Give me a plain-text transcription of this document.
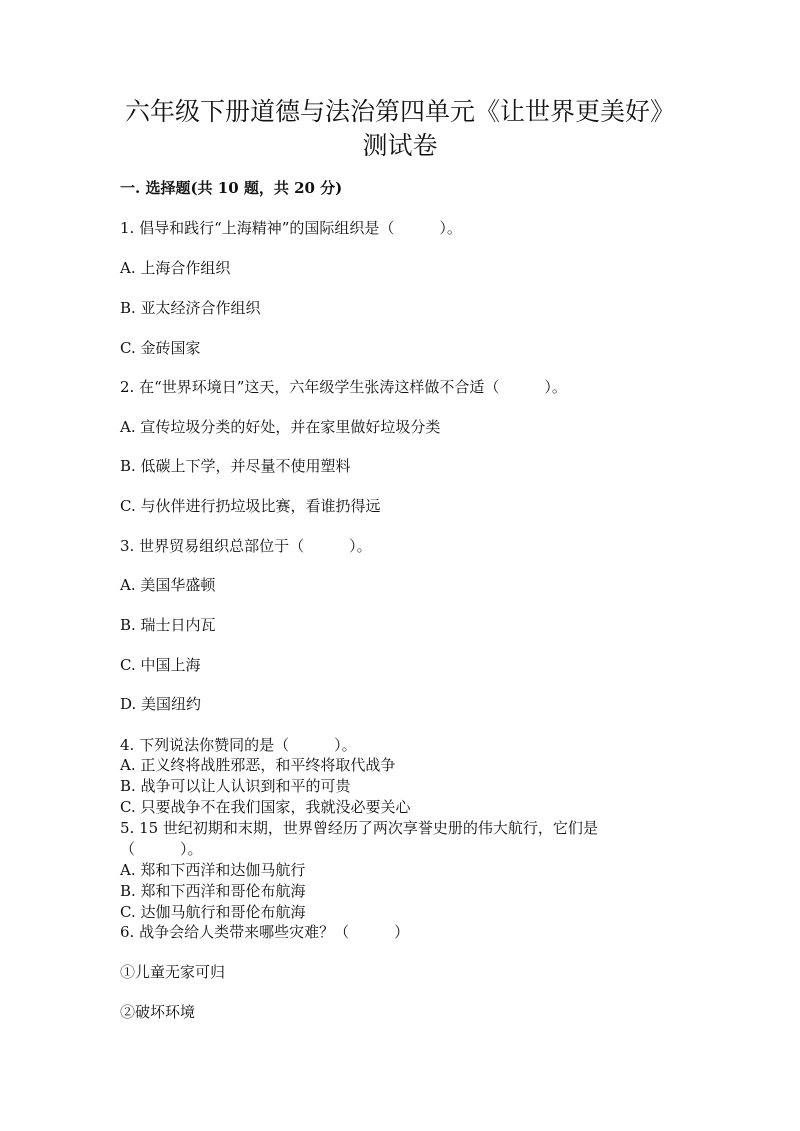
六年级下册道德与法治第四单元《让世界更美好》
测试卷
一. 选择题(共 10 题，共 20 分)
1. 倡导和践行“上海精神”的国际组织是（　　　）。
A. 上海合作组织
B. 亚太经济合作组织
C. 金砖国家
2. 在“世界环境日”这天，六年级学生张涛这样做不合适（　　　）。
A. 宣传垃圾分类的好处，并在家里做好垃圾分类
B. 低碳上下学，并尽量不使用塑料
C. 与伙伴进行扔垃圾比赛，看谁扔得远
3. 世界贸易组织总部位于（　　　）。
A. 美国华盛顿
B. 瑞士日内瓦
C. 中国上海
D. 美国纽约
4. 下列说法你赞同的是（　　　）。
A. 正义终将战胜邪恶，和平终将取代战争
B. 战争可以让人认识到和平的可贵
C. 只要战争不在我们国家，我就没必要关心
5. 15 世纪初期和末期，世界曾经历了两次享誉史册的伟大航行，它们是
（　　　）。
A. 郑和下西洋和达伽马航行
B. 郑和下西洋和哥伦布航海
C. 达伽马航行和哥伦布航海
6. 战争会给人类带来哪些灾难？（　　　）
①儿童无家可归
②破坏环境
